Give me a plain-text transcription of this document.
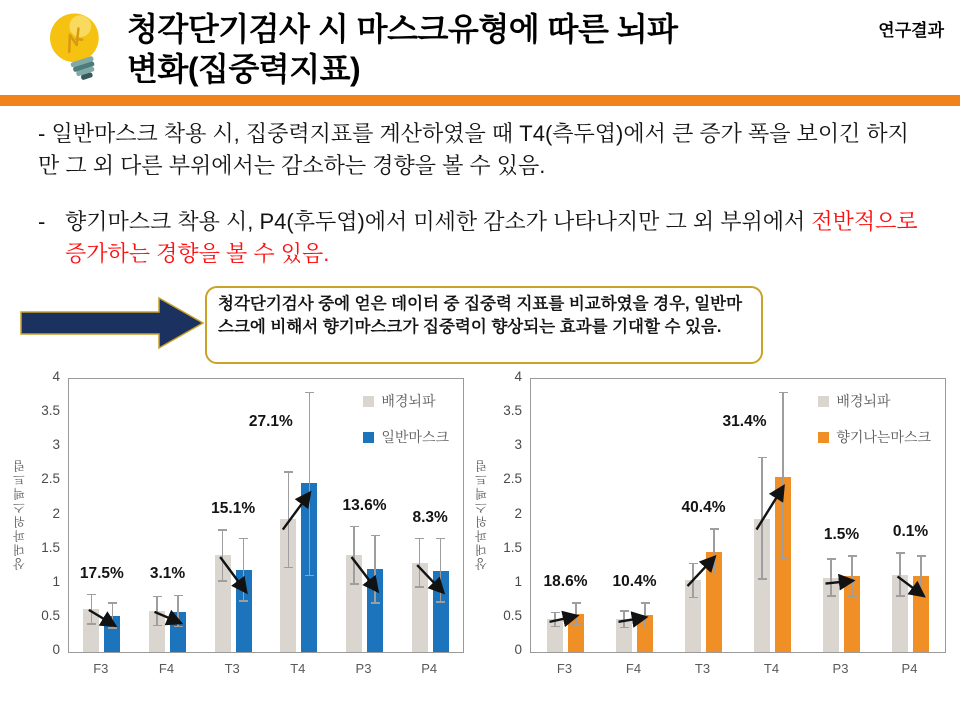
청각단기검사 시 마스크유형에 따른 뇌파
변화(집중력지표)
연구결과

- 일반마스크 착용 시, 집중력지표를 계산하였을 때 T4(측두엽)에서 큰 증가 폭을 보이긴 하지만 그 외 다른 부위에서는 감소하는 경향을 볼 수 있음.

- 향기마스크 착용 시, P4(후두엽)에서 미세한 감소가 나타나지만 그 외 부위에서 전반적으로 증가하는 경향을 볼 수 있음.

청각단기검사 중에 얻은 데이터 중 집중력 지표를 비교하였을 경우, 일반마스크에 비해서 향기마스크가 집중력이 향상되는 효과를 기대할 수 있음.
상대파워스펙트럼
0
0.5
1
1.5
2
2.5
3
3.5
4
17.5% 3.1%
15.1%
27.1%
13.6%
8.3%
배경뇌파
일반마스크
F3	F4	T3	T4	P3	P4
상대파워스펙트럼
0
0.5
1
1.5
2
2.5
3
3.5
4
18.6% 10.4%
40.4%
31.4%
1.5% 0.1%
배경뇌파
향기나는마스크
F3	F4	T3	T4	P3	P4
